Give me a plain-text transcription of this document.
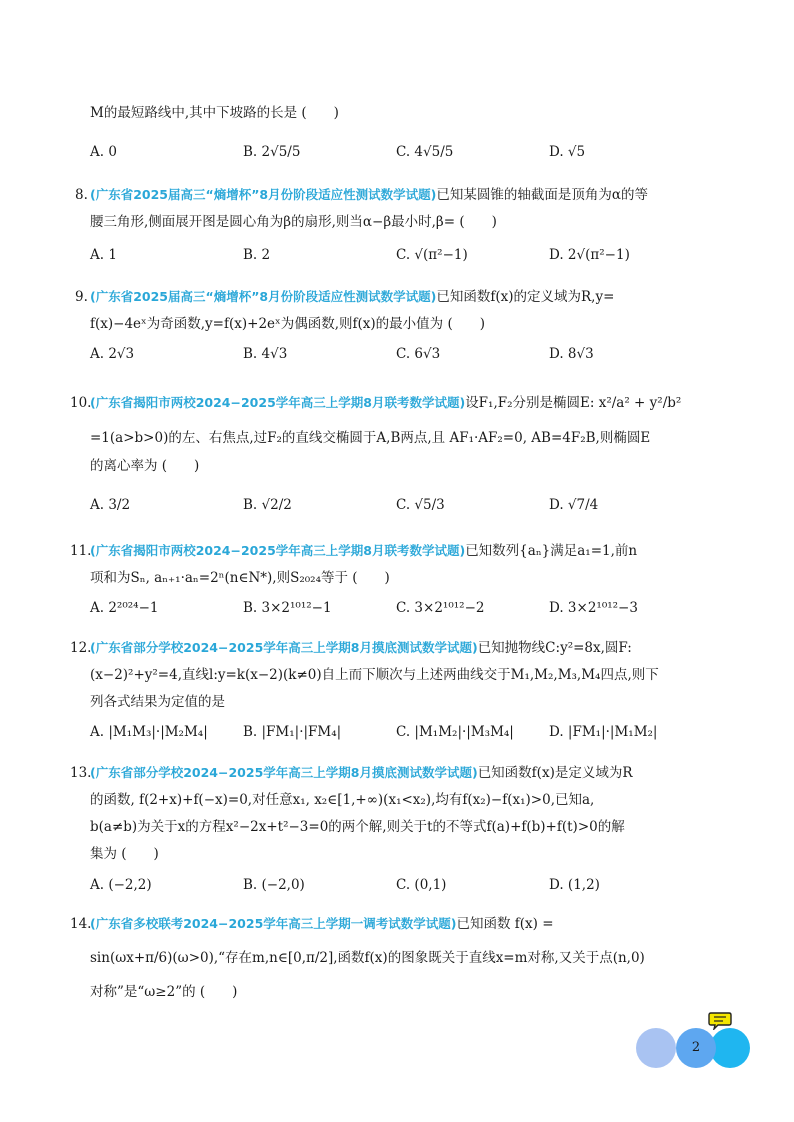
M的最短路线中,其中下坡路的长是 (　　)
A. 0	B. 2√5/5	C. 4√5/5	D. √5
8. (广东省2025届高三“熵增杯”8月份阶段适应性测试数学试题)已知某圆锥的轴截面是顶角为α的等
腰三角形,侧面展开图是圆心角为β的扇形,则当α−β最小时,β= (　　)
A. 1	B. 2	C. √(π²−1)	D. 2√(π²−1)
9. (广东省2025届高三“熵增杯”8月份阶段适应性测试数学试题)已知函数f(x)的定义域为R,y=
f(x)−4eˣ为奇函数,y=f(x)+2eˣ为偶函数,则f(x)的最小值为 (　　)
A. 2√3	B. 4√3	C. 6√3	D. 8√3
10.
(广东省揭阳市两校2024−2025学年高三上学期8月联考数学试题)设F₁,F₂分别是椭圆E: x²/a² + y²/b²
=1(a>b>0)的左、右焦点,过F₂的直线交椭圆于A,B两点,且 AF₁·AF₂=0, AB=4F₂B,则椭圆E
的离心率为 (　　)
A. 3/2	B. √2/2	C. √5/3	D. √7/4
11.
(广东省揭阳市两校2024−2025学年高三上学期8月联考数学试题)已知数列{aₙ}满足a₁=1,前n
项和为Sₙ, aₙ₊₁·aₙ=2ⁿ(n∈N*),则S₂₀₂₄等于 (　　)
A. 2²⁰²⁴−1	B. 3×2¹⁰¹²−1	C. 3×2¹⁰¹²−2	D. 3×2¹⁰¹²−3
12.
(广东省部分学校2024−2025学年高三上学期8月摸底测试数学试题)已知抛物线C:y²=8x,圆F:
(x−2)²+y²=4,直线l:y=k(x−2)(k≠0)自上而下顺次与上述两曲线交于M₁,M₂,M₃,M₄四点,则下
列各式结果为定值的是
A. |M₁M₃|·|M₂M₄|	B. |FM₁|·|FM₄|	C. |M₁M₂|·|M₃M₄|	D. |FM₁|·|M₁M₂|
13.
(广东省部分学校2024−2025学年高三上学期8月摸底测试数学试题)已知函数f(x)是定义域为R
的函数, f(2+x)+f(−x)=0,对任意x₁, x₂∈[1,+∞)(x₁<x₂),均有f(x₂)−f(x₁)>0,已知a,
b(a≠b)为关于x的方程x²−2x+t²−3=0的两个解,则关于t的不等式f(a)+f(b)+f(t)>0的解
集为 (　　)
A. (−2,2)	B. (−2,0)	C. (0,1)	D. (1,2)
14.
(广东省多校联考2024−2025学年高三上学期一调考试数学试题)已知函数 f(x) =
sin(ωx+π/6)(ω>0),“存在m,n∈[0,π/2],函数f(x)的图象既关于直线x=m对称,又关于点(n,0)
对称”是“ω≥2”的 (　　)
2
